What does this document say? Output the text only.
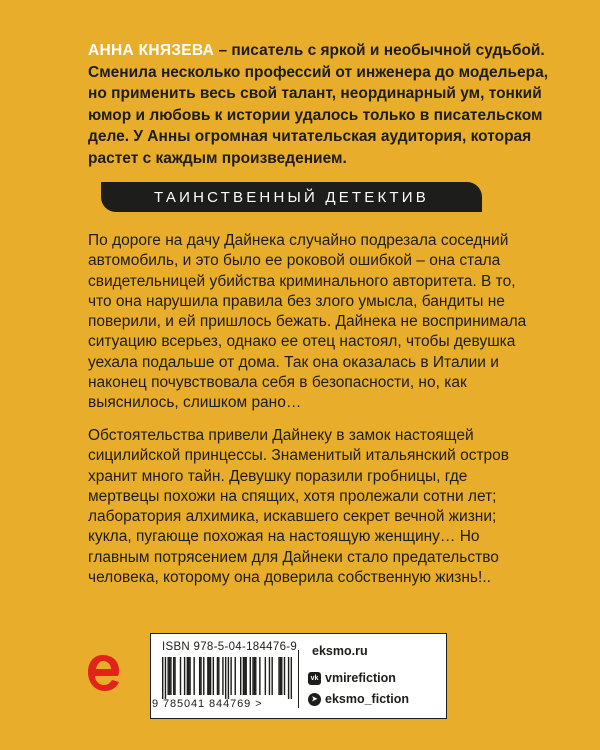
АННА КНЯЗЕВА – писатель с яркой и необычной судьбой. Сменила несколько профессий от инженера до модельера, но применить весь свой талант, неординарный ум, тонкий юмор и любовь к истории удалось только в писательском деле. У Анны огромная читательская аудитория, которая растет с каждым произведением.
ТАИНСТВЕННЫЙ ДЕТЕКТИВ

По дороге на дачу Дайнека случайно подрезала соседний автомобиль, и это было ее роковой ошибкой – она стала свидетельницей убийства криминального авторитета. В то, что она нарушила правила без злого умысла, бандиты не поверили, и ей пришлось бежать. Дайнека не воспринимала ситуацию всерьез, однако ее отец настоял, чтобы девушка уехала подальше от дома. Так она оказалась в Италии и наконец почувствовала себя в безопасности, но, как выяснилось, слишком рано…

Обстоятельства привели Дайнеку в замок настоящей сицилийской принцессы. Знаменитый итальянский остров хранит много тайн. Девушку поразили гробницы, где мертвецы похожи на спящих, хотя пролежали сотни лет; лаборатория алхимика, искавшего секрет вечной жизни; кукла, пугающе похожая на настоящую женщину… Но главным потрясением для Дайнеки стало предательство человека, которому она доверила собственную жизнь!..

ISBN 978-5-04-184476-9
9 785041 844769 >
eksmo.ru
vk vmirefiction
➤ eksmo_fiction
